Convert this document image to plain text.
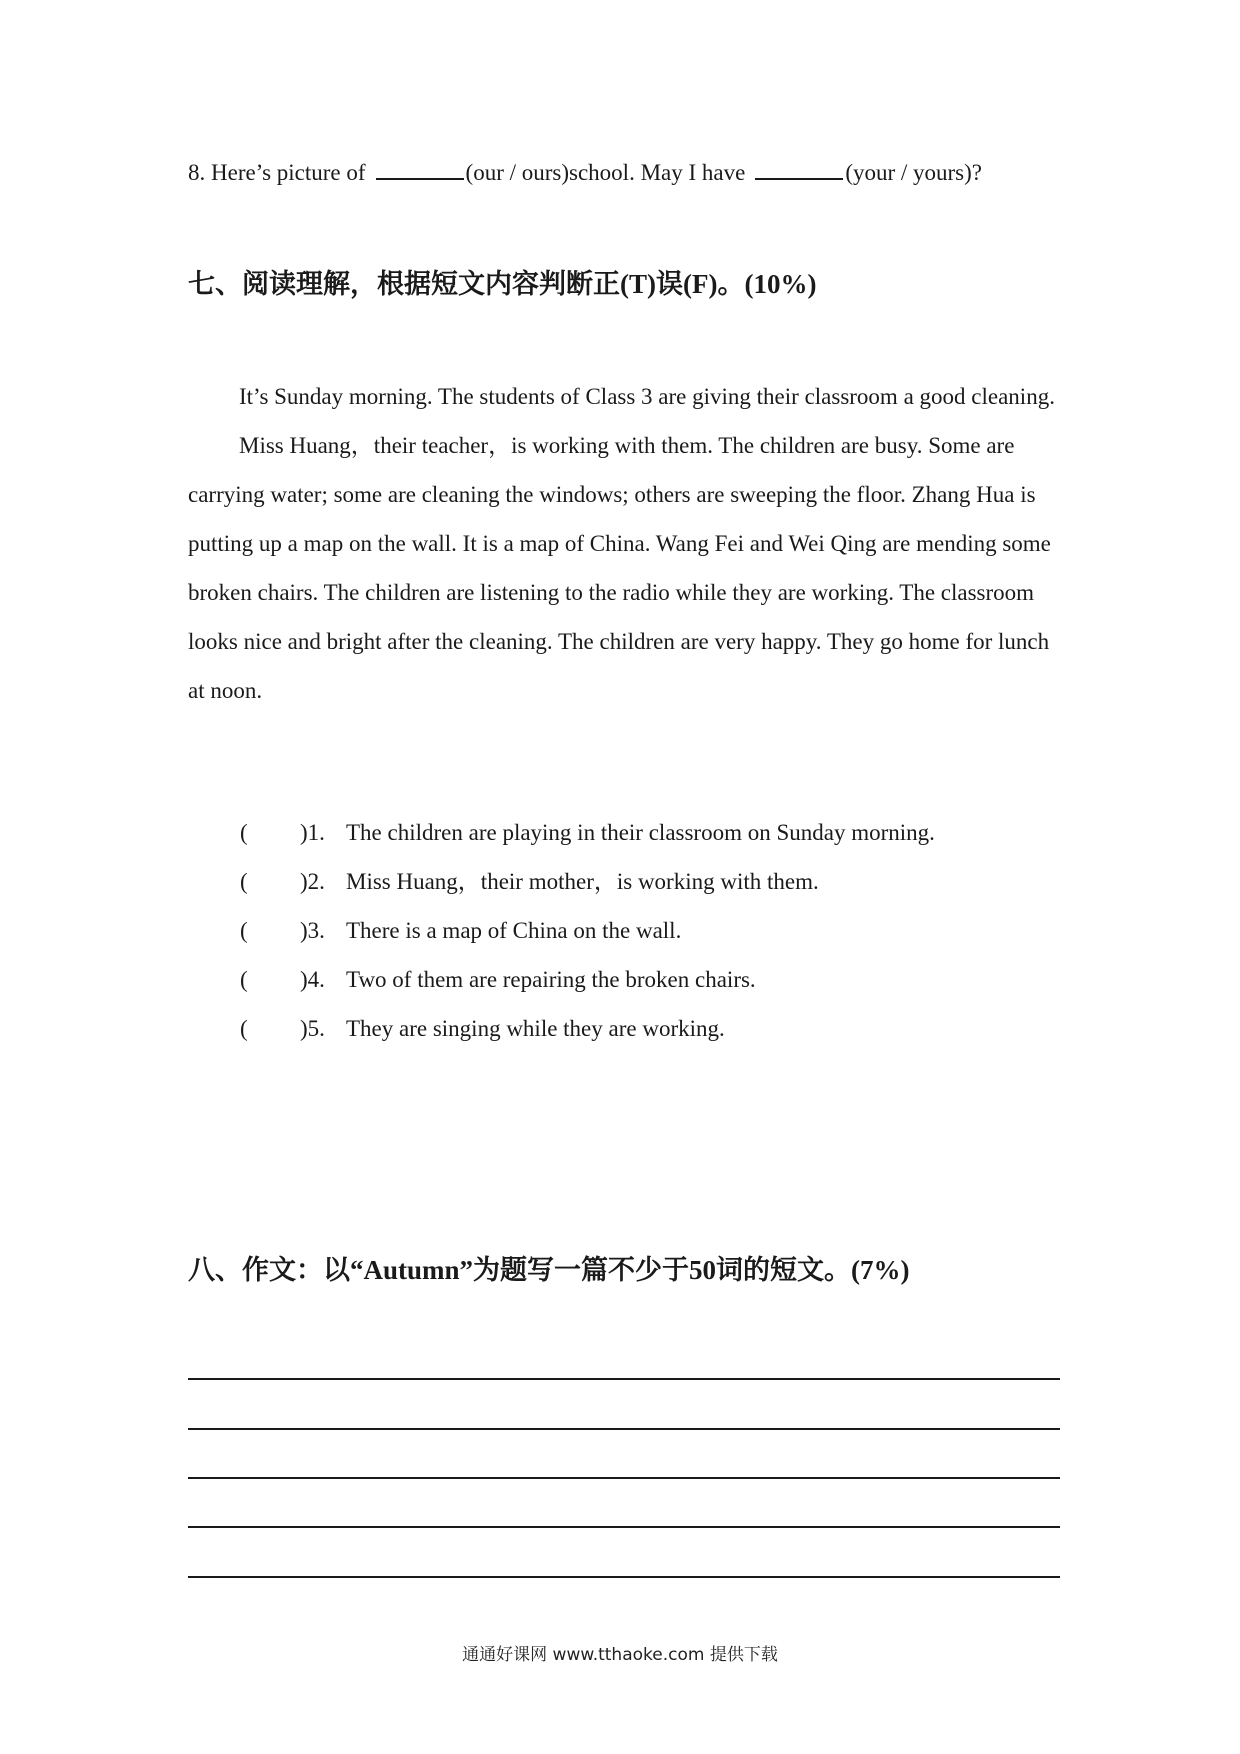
8. Here’s picture of	(our / ours)school. May I have	(your / yours)?
七、阅读理解，根据短文内容判断正(T)误(F)。(10%)

It’s Sunday morning. The students of Class 3 are giving their classroom a good cleaning.

Miss Huang，their teacher，is working with them. The children are busy. Some are carrying water; some are cleaning the windows; others are sweeping the floor. Zhang Hua is putting up a map on the wall. It is a map of China. Wang Fei and Wei Qing are mending some broken chairs. The children are listening to the radio while they are working. The classroom looks nice and bright after the cleaning. The children are very happy. They go home for lunch at noon.

(	)1. The children are playing in their classroom on Sunday morning.
(	)2. Miss Huang，their mother，is working with them.
(	)3. There is a map of China on the wall.
(	)4. Two of them are repairing the broken chairs.
(	)5. They are singing while they are working.
八、作文：以“Autumn”为题写一篇不少于50词的短文。(7%)
通通好课网 www.tthaoke.com 提供下载
